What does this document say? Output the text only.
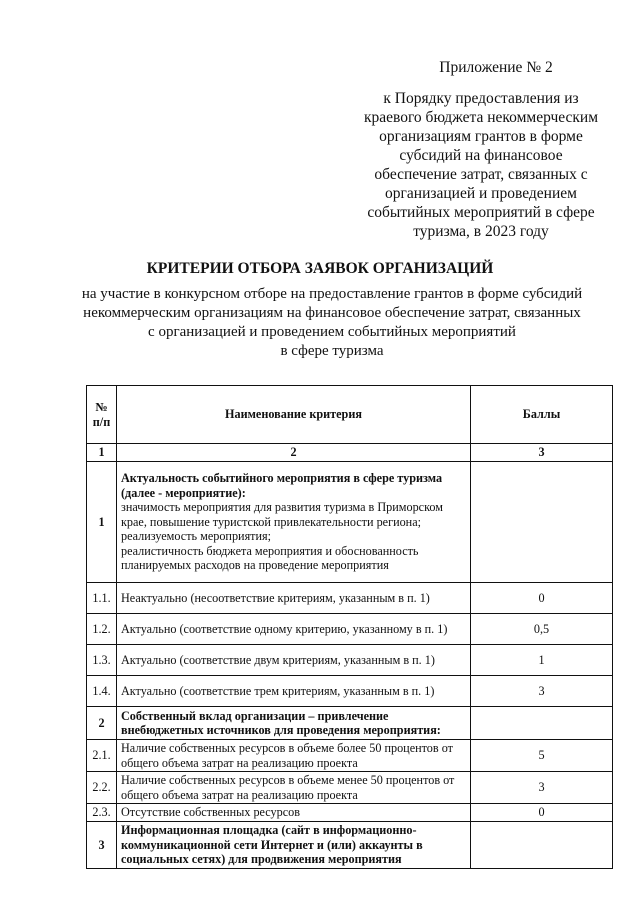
Приложение № 2
к Порядку предоставления из
краевого бюджета некоммерческим
организациям грантов в форме
субсидий на финансовое
обеспечение затрат, связанных с
организацией и проведением
событийных мероприятий в сфере
туризма, в 2023 году
КРИТЕРИИ ОТБОРА ЗАЯВОК ОРГАНИЗАЦИЙ
на участие в конкурсном отборе на предоставление грантов в форме субсидий
некоммерческим организациям на финансовое обеспечение затрат, связанных
с организацией и проведением событийных мероприятий
в сфере туризма
№ п/п	Наименование критерия	Баллы
1	2	3
1	Актуальность событийного мероприятия в сфере туризма (далее - мероприятие):
значимость мероприятия для развития туризма в Приморском крае, повышение туристской привлекательности региона;
реализуемость мероприятия;
реалистичность бюджета мероприятия и обоснованность планируемых расходов на проведение мероприятия	

1.1.	Неактуально (несоответствие критериям, указанным в п. 1)	0
1.2.	Актуально (соответствие одному критерию, указанному в п. 1)	0,5
1.3.	Актуально (соответствие двум критериям, указанным в п. 1)	1
1.4.	Актуально (соответствие трем критериям, указанным в п. 1)	3
2	Собственный вклад организации – привлечение внебюджетных источников для проведения мероприятия:	
2.1.	Наличие собственных ресурсов в объеме более 50 процентов от общего объема затрат на реализацию проекта	5
2.2.	Наличие собственных ресурсов в объеме менее 50 процентов от общего объема затрат на реализацию проекта	3
2.3.	Отсутствие собственных ресурсов	0
3	Информационная площадка (сайт в информационно-коммуникационной сети Интернет и (или) аккаунты в социальных сетях) для продвижения мероприятия	
